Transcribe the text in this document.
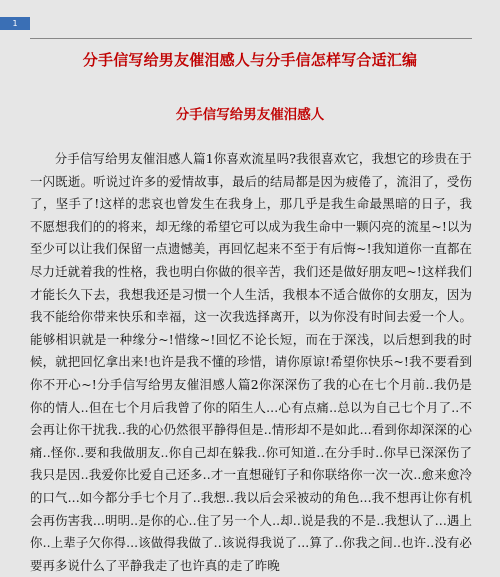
1
分手信写给男友催泪感人与分手信怎样写合适汇编
分手信写给男友催泪感人

分手信写给男友催泪感人篇1你喜欢流星吗?我很喜欢它，我想它的珍贵在于一闪既逝。听说过许多的爱情故事，最后的结局都是因为疲倦了，流泪了，受伤了，坚手了!这样的悲哀也曾发生在我身上，那几乎是我生命最黑暗的日子，我不愿想我们的的将来，却无缘的希望它可以成为我生命中一颗闪亮的流星~!以为至少可以让我们保留一点遗憾美，再回忆起来不至于有后悔~!我知道你一直都在尽力迁就着我的性格，我也明白你做的很辛苦，我们还是做好朋友吧~!这样我们才能长久下去，我想我还是习惯一个人生活，我根本不适合做你的女朋友，因为我不能给你带来快乐和幸福，这一次我选择离开，以为你没有时间去爱一个人。能够相识就是一种缘分~!惜缘~!回忆不论长短，而在于深浅，以后想到我的时候，就把回忆拿出来!也许是我不懂的珍惜，请你原谅!希望你快乐~!我不要看到你不开心~!分手信写给男友催泪感人篇2你深深伤了我的心在七个月前..我仍是你的情人..但在七个月后我曾了你的陌生人...心有点痛..总以为自己七个月了..不会再让你干扰我..我的心仍然很平静得但是..情形却不是如此...看到你却深深的心痛..怪你..要和我做朋友..你自己却在躲我..你可知道..在分手时..你早已深深伤了我只是因..我爱你比爱自己还多..才一直想碰钉子和你联络你一次一次..愈来愈冷的口气...如今都分手七个月了..我想..我以后会采被动的角色...我不想再让你有机会再伤害我...明明..是你的心..住了另一个人..却..说是我的不是..我想认了...遇上你..上辈子欠你得...该做得我做了..该说得我说了...算了..你我之间..也许..没有必要再多说什么了平静我走了也许真的走了昨晚
